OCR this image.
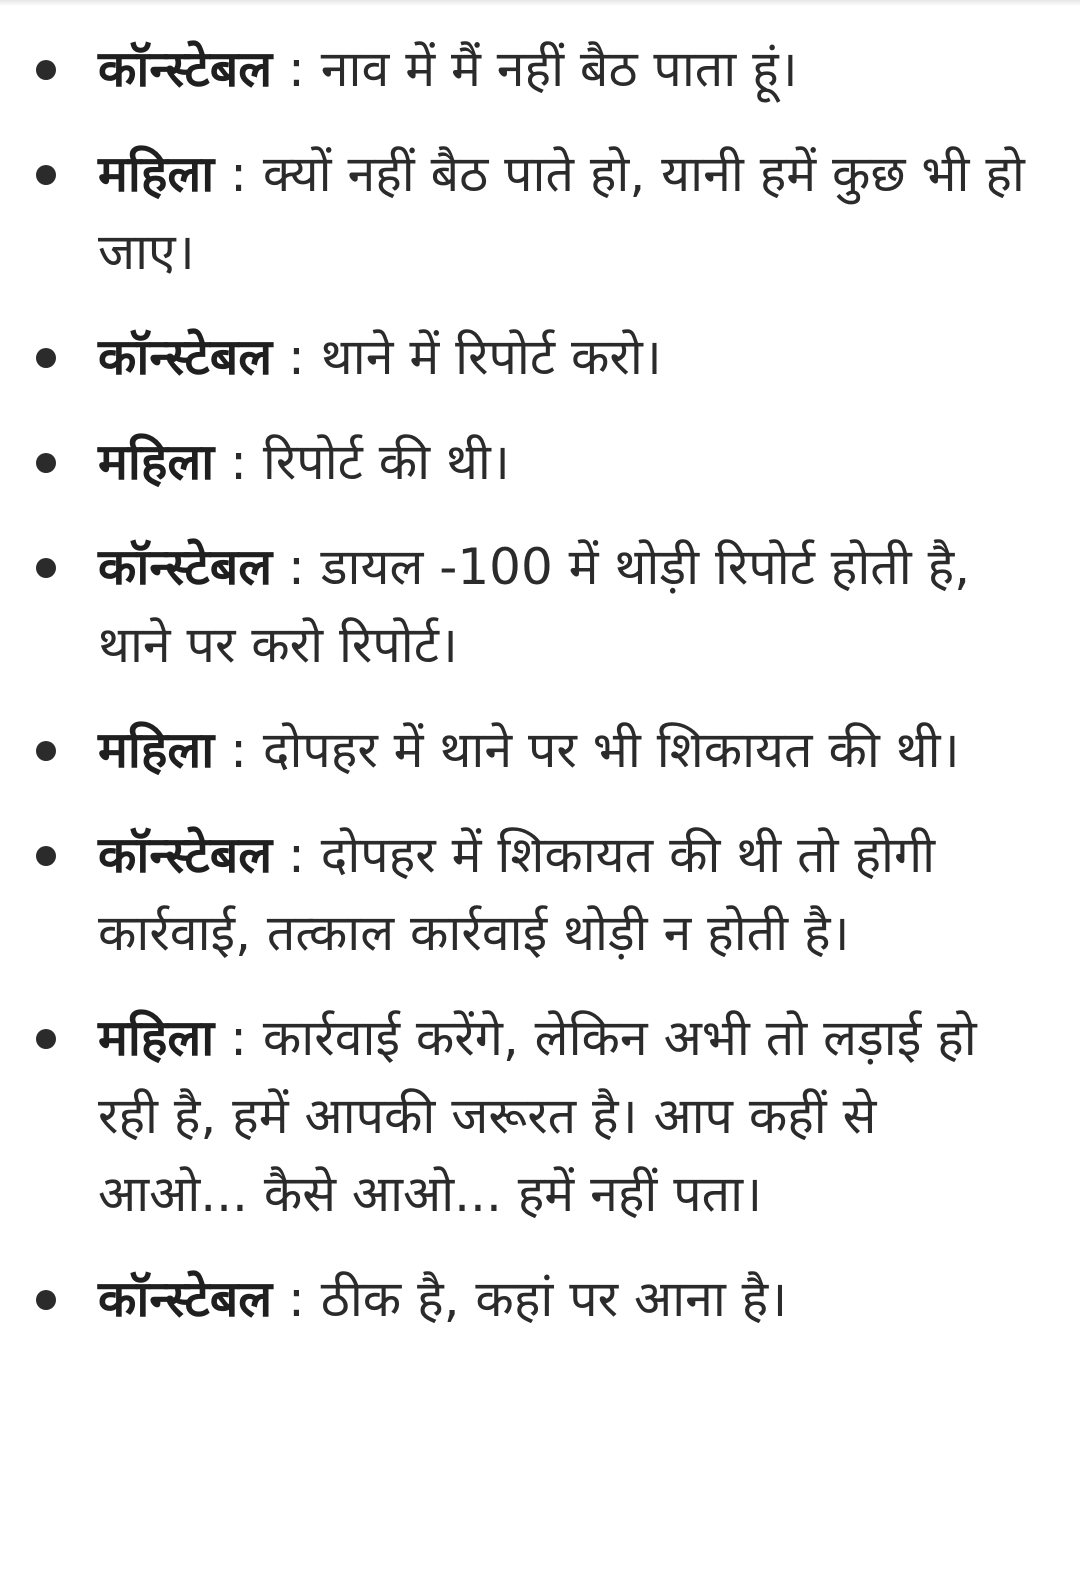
कॉन्स्टेबल : नाव में मैं नहीं बैठ पाता हूं।
महिला : क्यों नहीं बैठ पाते हो, यानी हमें कुछ भी हो जाए।
कॉन्स्टेबल : थाने में रिपोर्ट करो।
महिला : रिपोर्ट की थी।
कॉन्स्टेबल : डायल -100 में थोड़ी रिपोर्ट होती है, थाने पर करो रिपोर्ट।
महिला : दोपहर में थाने पर भी शिकायत की थी।
कॉन्स्टेबल : दोपहर में शिकायत की थी तो होगी कार्रवाई, तत्काल कार्रवाई थोड़ी न होती है।
महिला : कार्रवाई करेंगे, लेकिन अभी तो लड़ाई हो रही है, हमें आपकी जरूरत है। आप कहीं से आओ... कैसे आओ... हमें नहीं पता।
कॉन्स्टेबल : ठीक है, कहां पर आना है।
